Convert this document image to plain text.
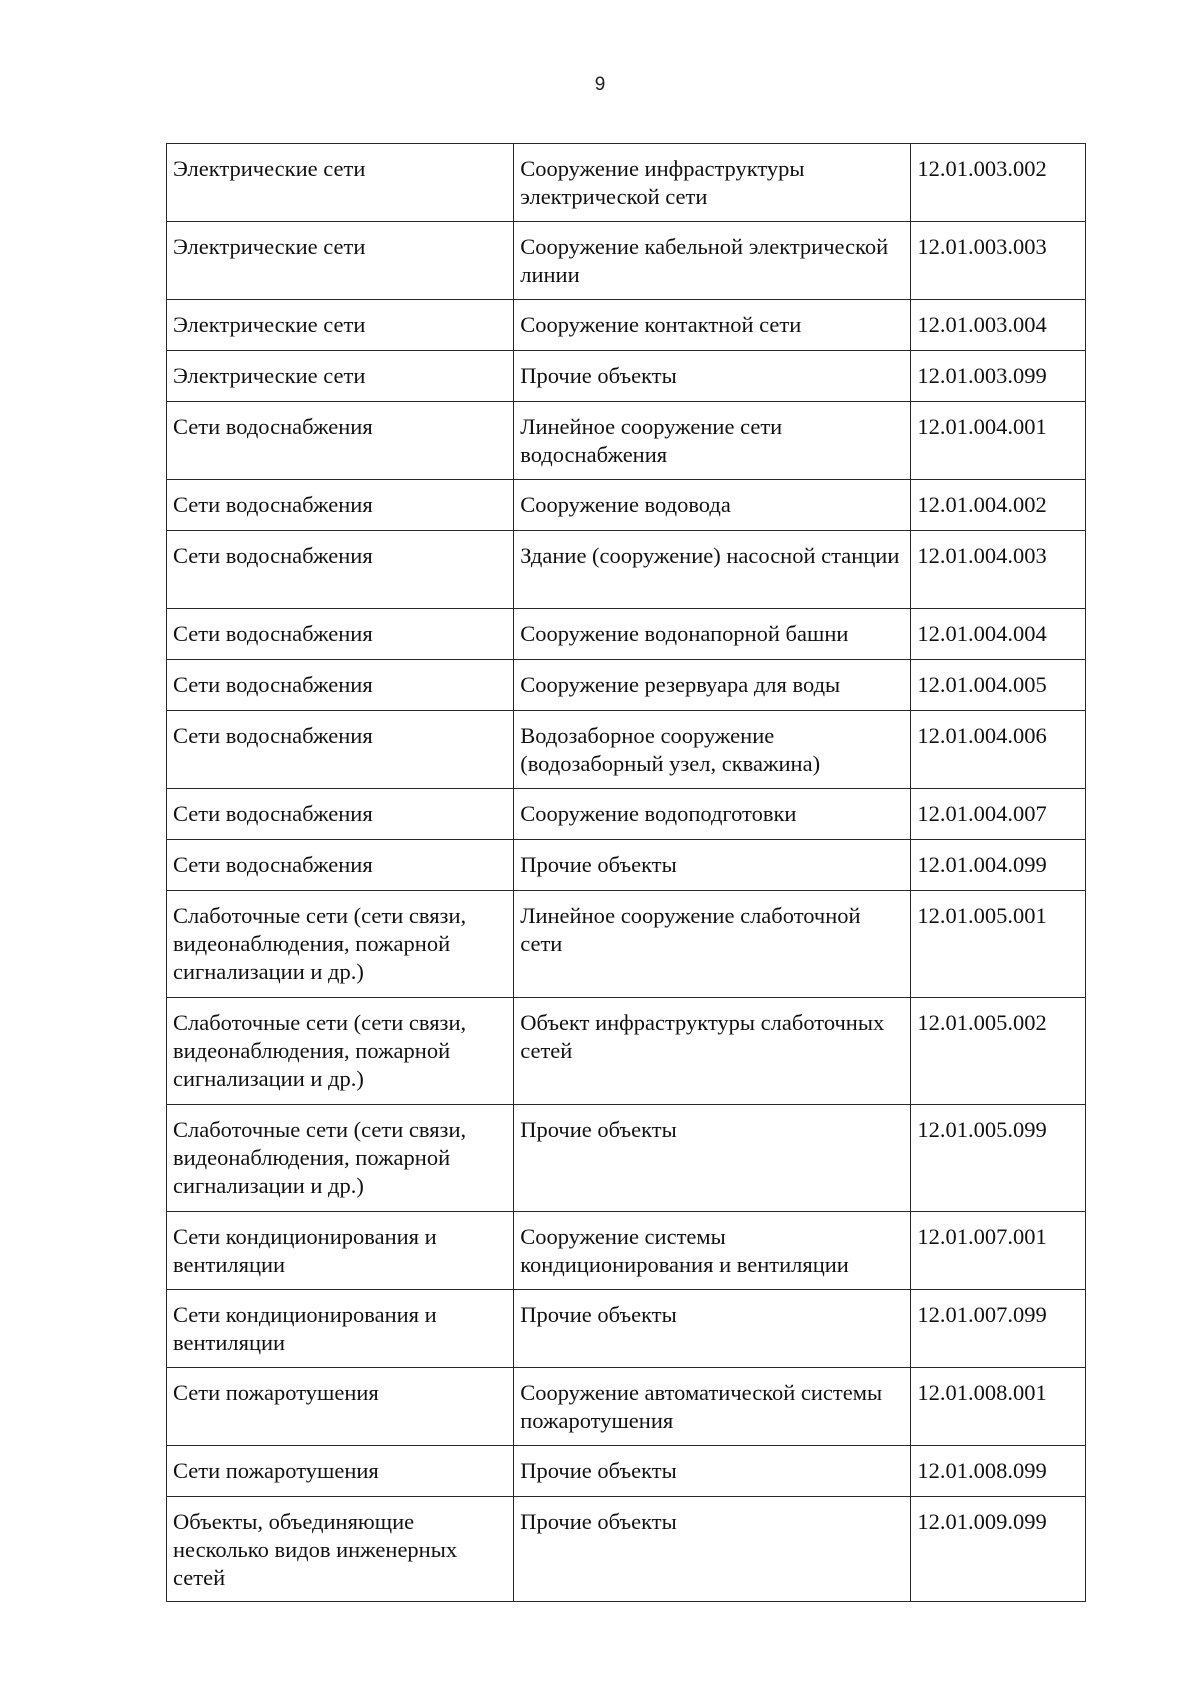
9
Электрические сети	Сооружение инфраструктуры электрической сети	12.01.003.002
Электрические сети	Сооружение кабельной электрической линии	12.01.003.003
Электрические сети	Сооружение контактной сети	12.01.003.004
Электрические сети	Прочие объекты	12.01.003.099
Сети водоснабжения	Линейное сооружение сети водоснабжения	12.01.004.001
Сети водоснабжения	Сооружение водовода	12.01.004.002
Сети водоснабжения	Здание (сооружение) насосной станции	12.01.004.003
Сети водоснабжения	Сооружение водонапорной башни	12.01.004.004
Сети водоснабжения	Сооружение резервуара для воды	12.01.004.005
Сети водоснабжения	Водозаборное сооружение (водозаборный узел, скважина)	12.01.004.006
Сети водоснабжения	Сооружение водоподготовки	12.01.004.007
Сети водоснабжения	Прочие объекты	12.01.004.099
Слаботочные сети (сети связи, видеонаблюдения, пожарной сигнализации и др.)	Линейное сооружение слаботочной сети	12.01.005.001
Слаботочные сети (сети связи, видеонаблюдения, пожарной сигнализации и др.)	Объект инфраструктуры слаботочных сетей	12.01.005.002
Слаботочные сети (сети связи, видеонаблюдения, пожарной сигнализации и др.)	Прочие объекты	12.01.005.099
Сети кондиционирования и вентиляции	Сооружение системы кондиционирования и вентиляции	12.01.007.001
Сети кондиционирования и вентиляции	Прочие объекты	12.01.007.099
Сети пожаротушения	Сооружение автоматической системы пожаротушения	12.01.008.001
Сети пожаротушения	Прочие объекты	12.01.008.099
Объекты, объединяющие несколько видов инженерных сетей	Прочие объекты	12.01.009.099
